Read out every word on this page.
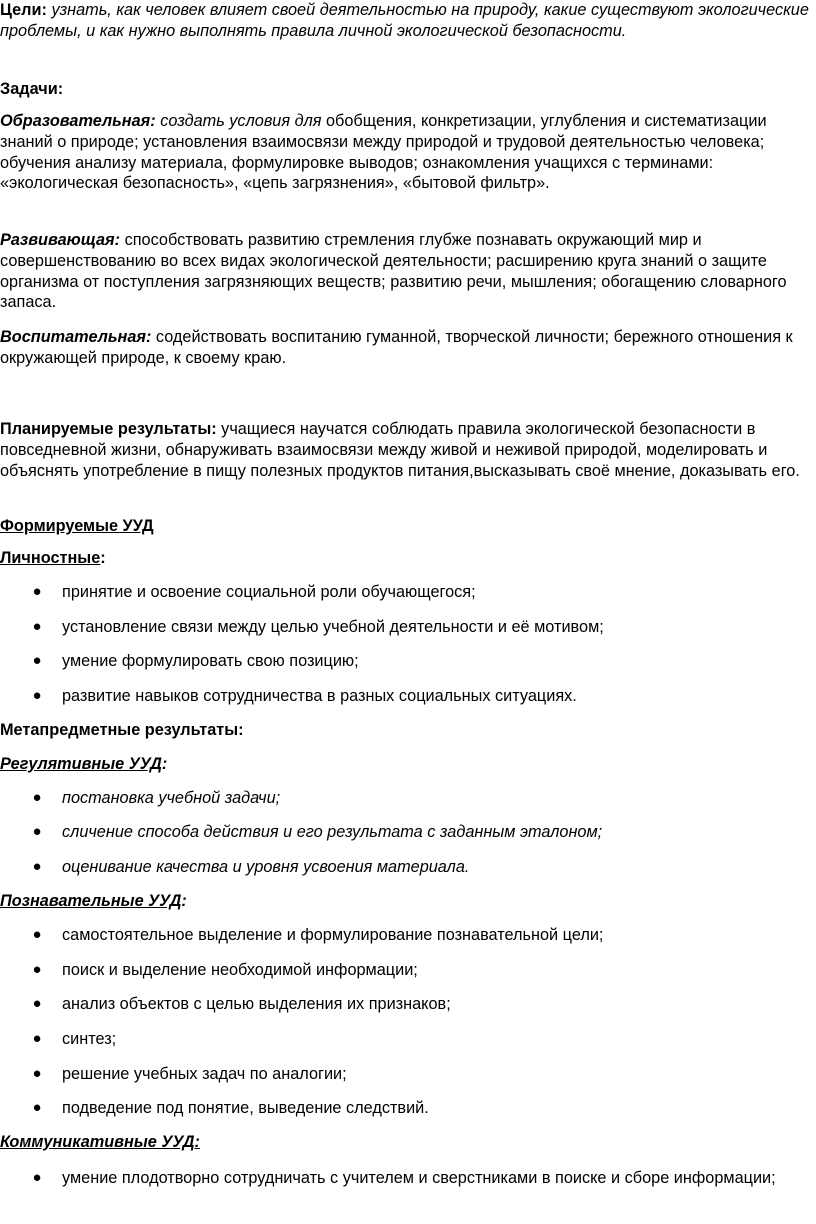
Цели: узнать, как человек влияет своей деятельностью на природу, какие существуют экологические проблемы, и как нужно выполнять правила личной экологической безопасности.

Задачи:

Образовательная: создать условия для обобщения, конкретизации, углубления и систематизации знаний о природе; установления взаимосвязи между природой и трудовой деятельностью человека; обучения анализу материала, формулировке выводов; ознакомления учащихся с терминами: «экологическая безопасность», «цепь загрязнения», «бытовой фильтр».

Развивающая: способствовать развитию стремления глубже познавать окружающий мир и совершенствованию во всех видах экологической деятельности; расширению круга знаний о защите организма от поступления загрязняющих веществ; развитию речи, мышления; обогащению словарного запаса.

Воспитательная: содействовать воспитанию гуманной, творческой личности; бережного отношения к окружающей природе, к своему краю.

Планируемые результаты: учащиеся научатся соблюдать правила экологической безопасности в повседневной жизни, обнаруживать взаимосвязи между живой и неживой природой, моделировать и объяснять употребление в пищу полезных продуктов питания,высказывать своё мнение, доказывать его.

Формируемые УУД

Личностные:

● принятие и освоение социальной роли обучающегося;
● установление связи между целью учебной деятельности и её мотивом;
● умение формулировать свою позицию;
● развитие навыков сотрудничества в разных социальных ситуациях.

Метапредметные результаты:

Регулятивные УУД:

● постановка учебной задачи;
● сличение способа действия и его результата с заданным эталоном;
● оценивание качества и уровня усвоения материала.

Познавательные УУД:

● самостоятельное выделение и формулирование познавательной цели;
● поиск и выделение необходимой информации;
● анализ объектов с целью выделения их признаков;
● синтез;
● решение учебных задач по аналогии;
● подведение под понятие, выведение следствий.

Коммуникативные УУД:

● умение плодотворно сотрудничать с учителем и сверстниками в поиске и сборе информации;
